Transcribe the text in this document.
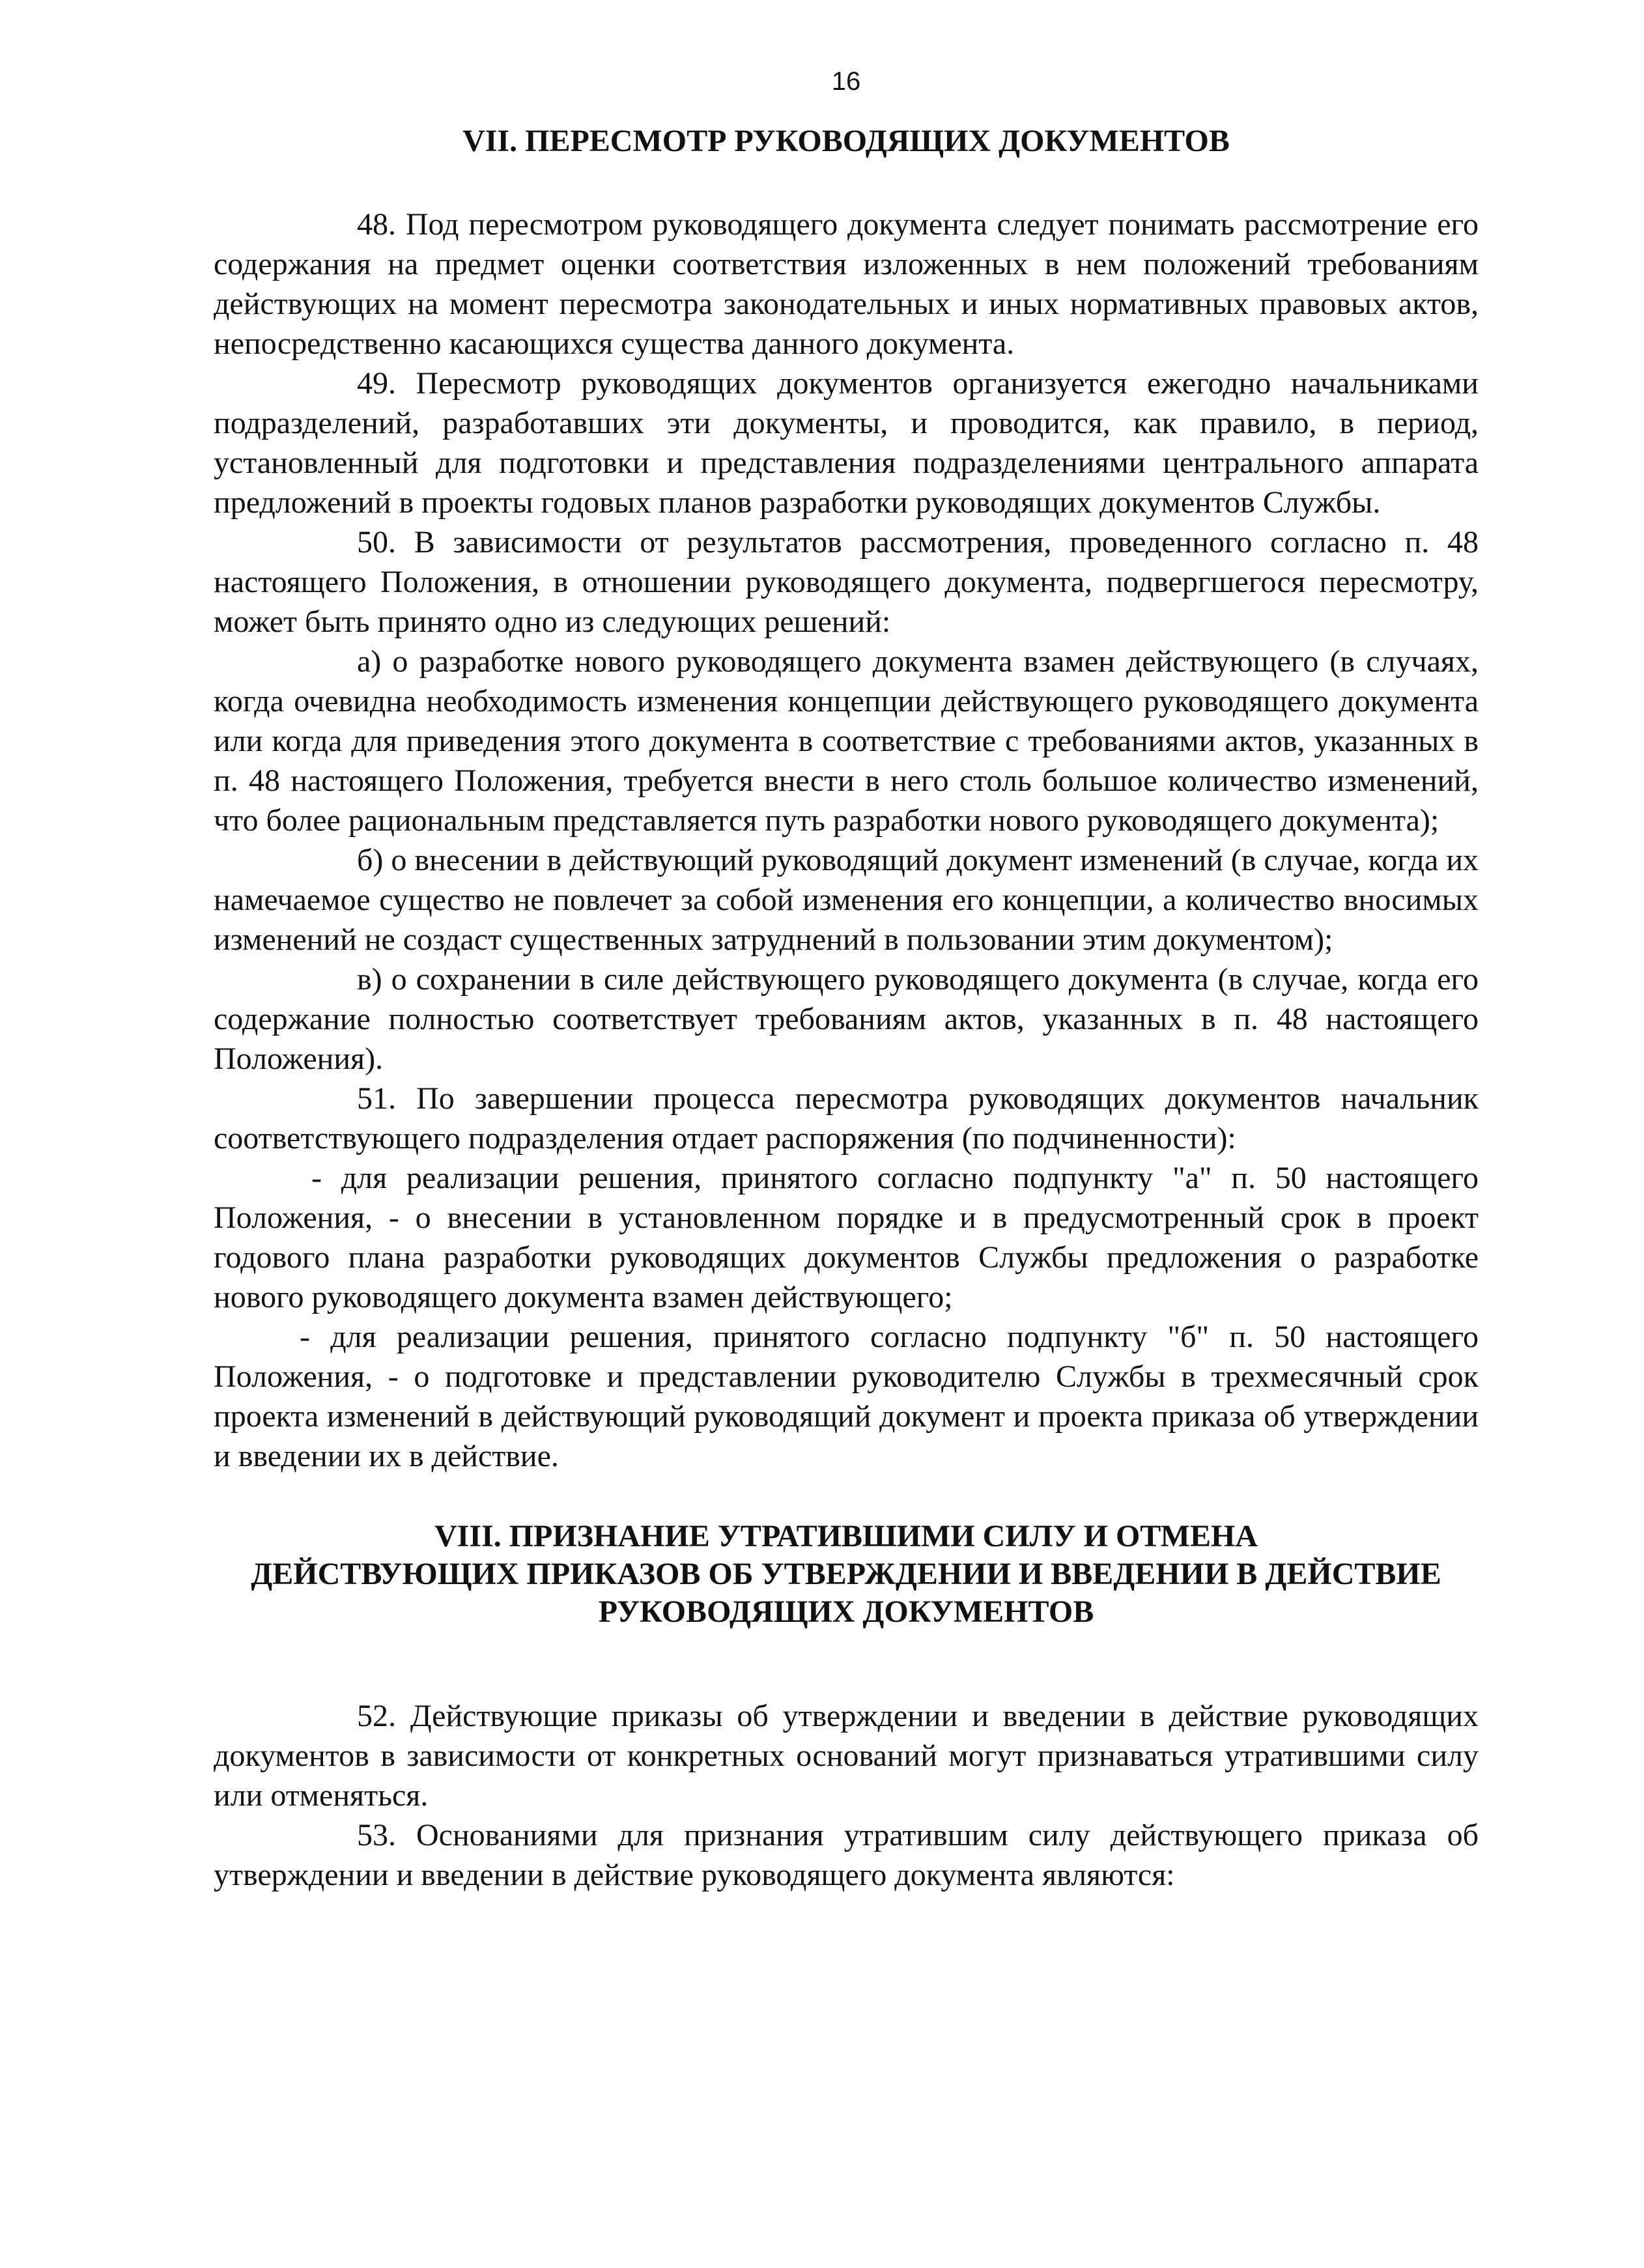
16
VII. ПЕРЕСМОТР РУКОВОДЯЩИХ ДОКУМЕНТОВ

48. Под пересмотром руководящего документа следует понимать рассмотрение его содержания на предмет оценки соответствия изложенных в нем положений требованиям действующих на момент пересмотра законодательных и иных нормативных правовых актов, непосредственно касающихся существа данного документа.

49. Пересмотр руководящих документов организуется ежегодно начальниками подразделений, разработавших эти документы, и проводится, как правило, в период, установленный для подготовки и представления подразделениями центрального аппарата предложений в проекты годовых планов разработки руководящих документов Службы.

50. В зависимости от результатов рассмотрения, проведенного согласно п. 48 настоящего Положения, в отношении руководящего документа, подвергшегося пересмотру, может быть принято одно из следующих решений:

а) о разработке нового руководящего документа взамен действующего (в случаях, когда очевидна необходимость изменения концепции действующего руководящего документа или когда для приведения этого документа в соответствие с требованиями актов, указанных в п. 48 настоящего Положения, требуется внести в него столь большое количество изменений, что более рациональным представляется путь разработки нового руководящего документа);

б) о внесении в действующий руководящий документ изменений (в случае, когда их намечаемое существо не повлечет за собой изменения его концепции, а количество вносимых изменений не создаст существенных затруднений в пользовании этим документом);

в) о сохранении в силе действующего руководящего документа (в случае, когда его содержание полностью соответствует требованиям актов, указанных в п. 48 настоящего Положения).

51. По завершении процесса пересмотра руководящих документов начальник соответствующего подразделения отдает распоряжения (по подчиненности):

- для реализации решения, принятого согласно подпункту "а" п. 50 настоящего Положения, - о внесении в установленном порядке и в предусмотренный срок в проект годового плана разработки руководящих документов Службы предложения о разработке нового руководящего документа взамен действующего;

- для реализации решения, принятого согласно подпункту "б" п. 50 настоящего Положения, - о подготовке и представлении руководителю Службы в трехмесячный срок проекта изменений в действующий руководящий документ и проекта приказа об утверждении и введении их в действие.

VIII. ПРИЗНАНИЕ УТРАТИВШИМИ СИЛУ И ОТМЕНА
ДЕЙСТВУЮЩИХ ПРИКАЗОВ ОБ УТВЕРЖДЕНИИ И ВВЕДЕНИИ В ДЕЙСТВИЕ
РУКОВОДЯЩИХ ДОКУМЕНТОВ

52. Действующие приказы об утверждении и введении в действие руководящих документов в зависимости от конкретных оснований могут признаваться утратившими силу или отменяться.

53. Основаниями для признания утратившим силу действующего приказа об утверждении и введении в действие руководящего документа являются:
